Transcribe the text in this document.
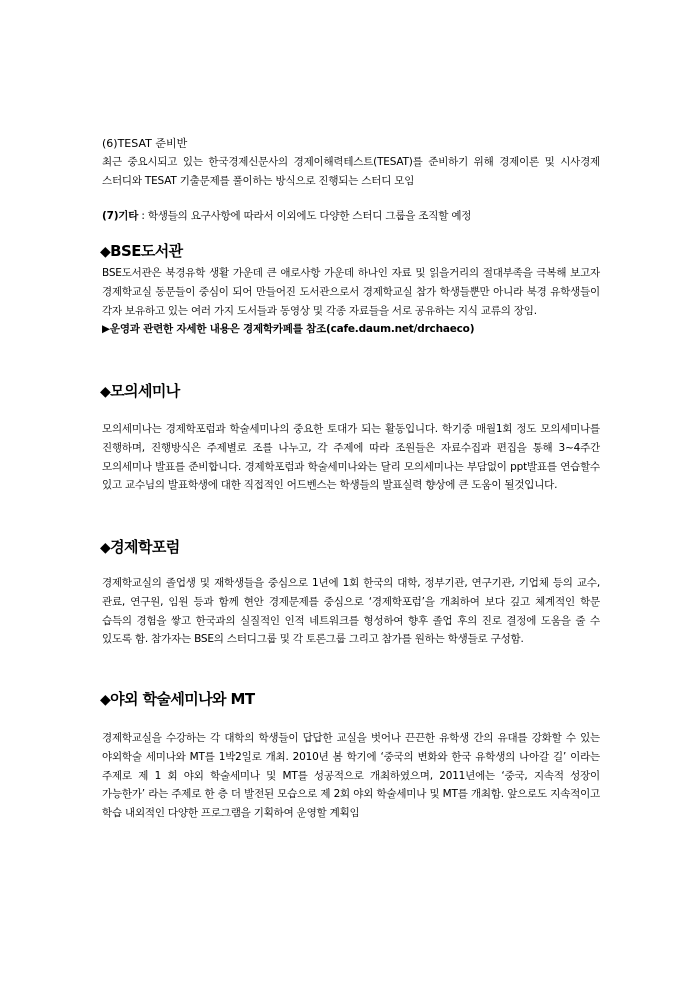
(6)TESAT 준비반

최근 중요시되고 있는 한국경제신문사의 경제이해력테스트(TESAT)를 준비하기 위해 경제이론 및 시사경제 스터디와 TESAT 기출문제를 풀이하는 방식으로 진행되는 스터디 모임

(7)기타 : 학생들의 요구사항에 따라서 이외에도 다양한 스터디 그룹을 조직할 예정

◆BSE도서관

BSE도서관은 북경유학 생활 가운데 큰 애로사항 가운데 하나인 자료 및 읽을거리의 절대부족을 극복해 보고자 경제학교실 동문들이 중심이 되어 만들어진 도서관으로서 경제학교실 참가 학생들뿐만 아니라 북경 유학생들이 각자 보유하고 있는 여러 가지 도서들과 동영상 및 각종 자료들을 서로 공유하는 지식 교류의 장임.

▶운영과 관련한 자세한 내용은 경제학카페를 참조(cafe.daum.net/drchaeco)

◆모의세미나

모의세미나는 경제학포럼과 학술세미나의 중요한 토대가 되는 활동입니다. 학기중 매월1회 정도 모의세미나를 진행하며, 진행방식은 주제별로 조를 나누고, 각 주제에 따라 조원들은 자료수집과 편집을 통해 3~4주간 모의세미나 발표를 준비합니다. 경제학포럼과 학술세미나와는 달리 모의세미나는 부담없이 ppt발표를 연습할수 있고 교수님의 발표학생에 대한 직접적인 어드벤스는 학생들의 발표실력 향상에 큰 도움이 될것입니다.

◆경제학포럼

경제학교실의 졸업생 및 재학생들을 중심으로 1년에 1회 한국의 대학, 정부기관, 연구기관, 기업체 등의 교수, 관료, 연구원, 임원 등과 함께 현안 경제문제를 중심으로 ‘경제학포럼’을 개최하여 보다 깊고 체계적인 학문 습득의 경험을 쌓고 한국과의 실질적인 인적 네트워크를 형성하여 향후 졸업 후의 진로 결정에 도움을 줄 수 있도록 함. 참가자는 BSE의 스터디그룹 및 각 토론그룹 그리고 참가를 원하는 학생들로 구성함.

◆야외 학술세미나와 MT

경제학교실을 수강하는 각 대학의 학생들이 답답한 교실을 벗어나 끈끈한 유학생 간의 유대를 강화할 수 있는 야외학술 세미나와 MT를 1박2일로 개최. 2010년 봄 학기에 ‘중국의 변화와 한국 유학생의 나아갈 길’ 이라는 주제로 제 1 회 야외 학술세미나 및 MT를 성공적으로 개최하였으며, 2011년에는 ‘중국, 지속적 성장이 가능한가’ 라는 주제로 한 층 더 발전된 모습으로 제 2회 야외 학술세미나 및 MT를 개최함. 앞으로도 지속적이고 학습 내외적인 다양한 프로그램을 기획하여 운영할 계획임
